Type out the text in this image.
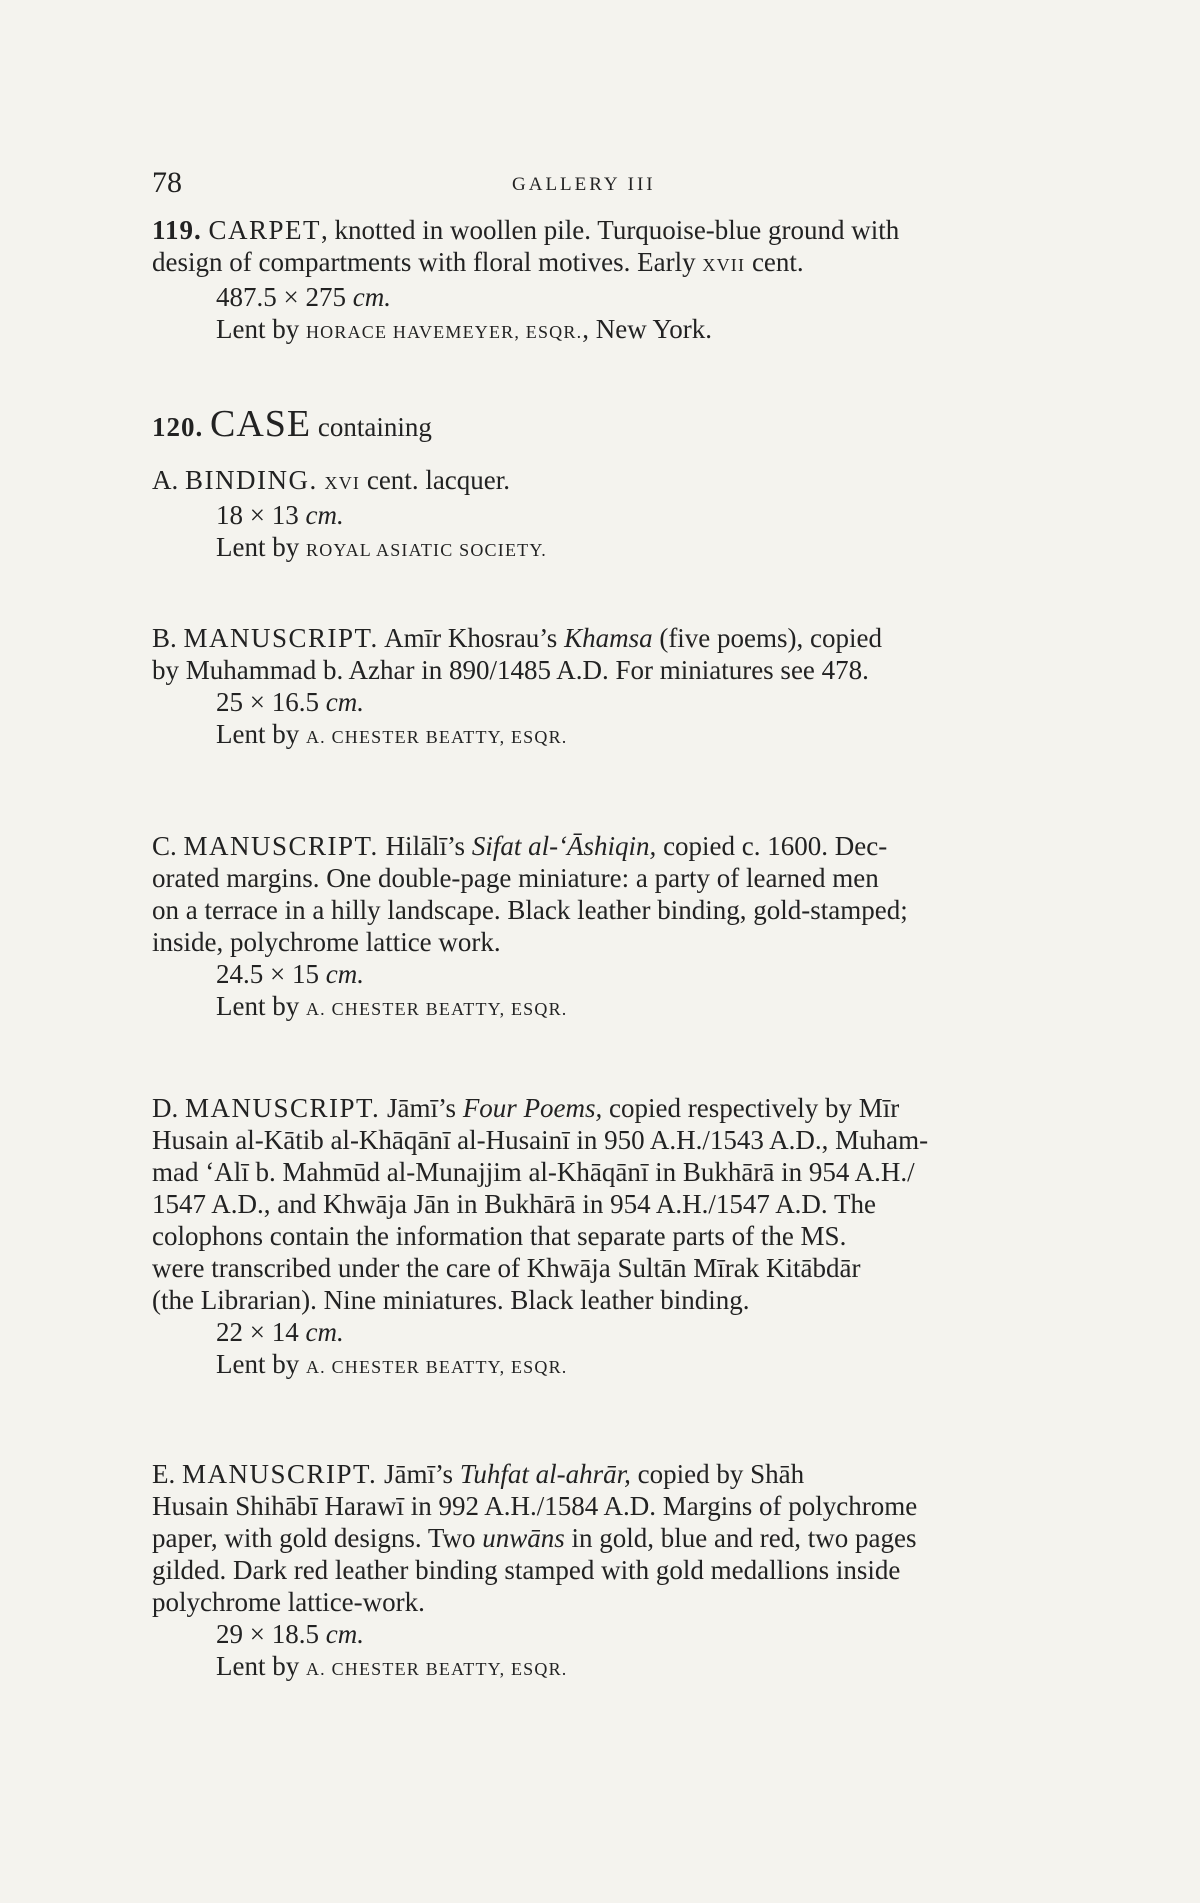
78	GALLERY III

119. CARPET, knotted in woollen pile. Turquoise-blue ground with

design of compartments with floral motives. Early XVII cent.

487.5 × 275 cm.

Lent by HORACE HAVEMEYER, ESQR., New York.

120. CASE containing

A. BINDING. XVI cent. lacquer.

18 × 13 cm.

Lent by ROYAL ASIATIC SOCIETY.

B. MANUSCRIPT. Amīr Khosrau’s Khamsa (five poems), copied

by Muhammad b. Azhar in 890/1485 A.D. For miniatures see 478.

25 × 16.5 cm.

Lent by A. CHESTER BEATTY, ESQR.

C. MANUSCRIPT. Hilālī’s Sifat al-‘Āshiqin, copied c. 1600. Dec-

orated margins. One double-page miniature: a party of learned men

on a terrace in a hilly landscape. Black leather binding, gold-stamped;

inside, polychrome lattice work.

24.5 × 15 cm.

Lent by A. CHESTER BEATTY, ESQR.

D. MANUSCRIPT. Jāmī’s Four Poems, copied respectively by Mīr

Husain al-Kātib al-Khāqānī al-Husainī in 950 A.H./1543 A.D., Muham-

mad ‘Alī b. Mahmūd al-Munajjim al-Khāqānī in Bukhārā in 954 A.H./

1547 A.D., and Khwāja Jān in Bukhārā in 954 A.H./1547 A.D. The

colophons contain the information that separate parts of the MS.

were transcribed under the care of Khwāja Sultān Mīrak Kitābdār

(the Librarian). Nine miniatures. Black leather binding.

22 × 14 cm.

Lent by A. CHESTER BEATTY, ESQR.

E. MANUSCRIPT. Jāmī’s Tuhfat al-ahrār, copied by Shāh

Husain Shihābī Harawī in 992 A.H./1584 A.D. Margins of polychrome

paper, with gold designs. Two unwāns in gold, blue and red, two pages

gilded. Dark red leather binding stamped with gold medallions inside

polychrome lattice-work.

29 × 18.5 cm.

Lent by A. CHESTER BEATTY, ESQR.
